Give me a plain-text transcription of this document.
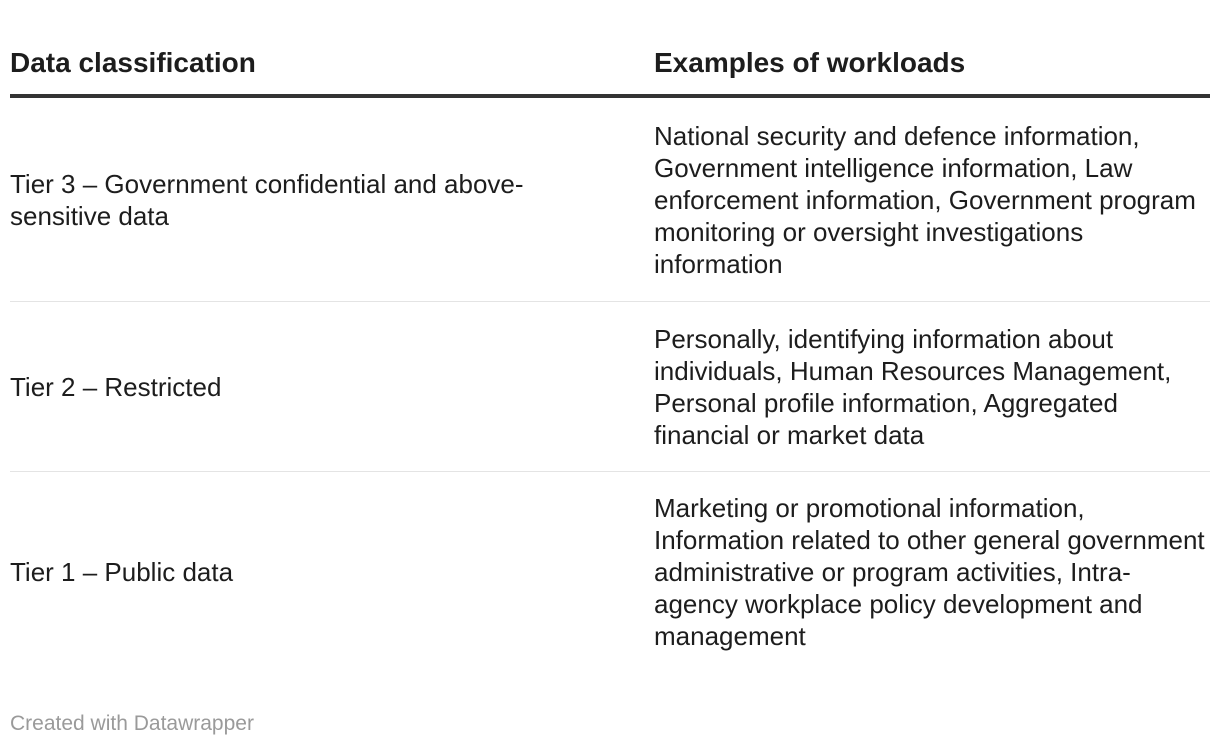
Data classification	Examples of workloads
Tier 3 – Government confidential and above-sensitive data
National security and defence information, Government intelligence information, Law enforcement information, Government program monitoring or oversight investigations information
Tier 2 – Restricted
Personally, identifying information about individuals, Human Resources Management, Personal profile information, Aggregated financial or market data
Tier 1 – Public data
Marketing or promotional information, Information related to other general government administrative or program activities, Intra-agency workplace policy development and management
Created with Datawrapper
